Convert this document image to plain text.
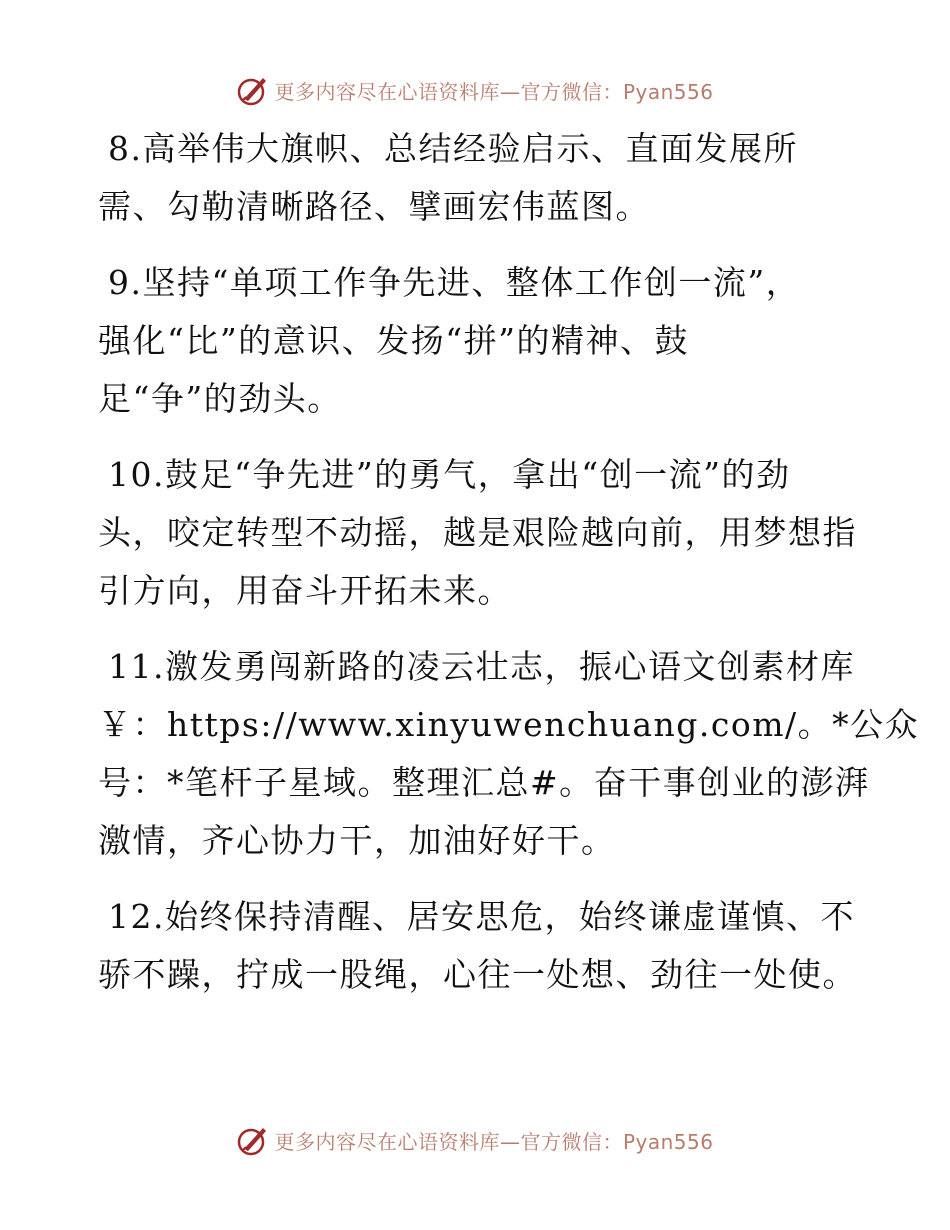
更多内容尽在心语资料库—官方微信：Pyan556
8.高举伟大旗帜、总结经验启示、直面发展所
需、勾勒清晰路径、擘画宏伟蓝图。
9.坚持“单项工作争先进、整体工作创一流”，
强化“比”的意识、发扬“拼”的精神、鼓
足“争”的劲头。
10.鼓足“争先进”的勇气，拿出“创一流”的劲
头，咬定转型不动摇，越是艰险越向前，用梦想指
引方向，用奋斗开拓未来。
11.激发勇闯新路的凌云壮志，振心语文创素材库
￥：https://www.xinyuwenchuang.com/。*公众
号：*笔杆子星域。整理汇总#。奋干事创业的澎湃
激情，齐心协力干，加油好好干。
12.始终保持清醒、居安思危，始终谦虚谨慎、不
骄不躁，拧成一股绳，心往一处想、劲往一处使。
更多内容尽在心语资料库—官方微信：Pyan556
